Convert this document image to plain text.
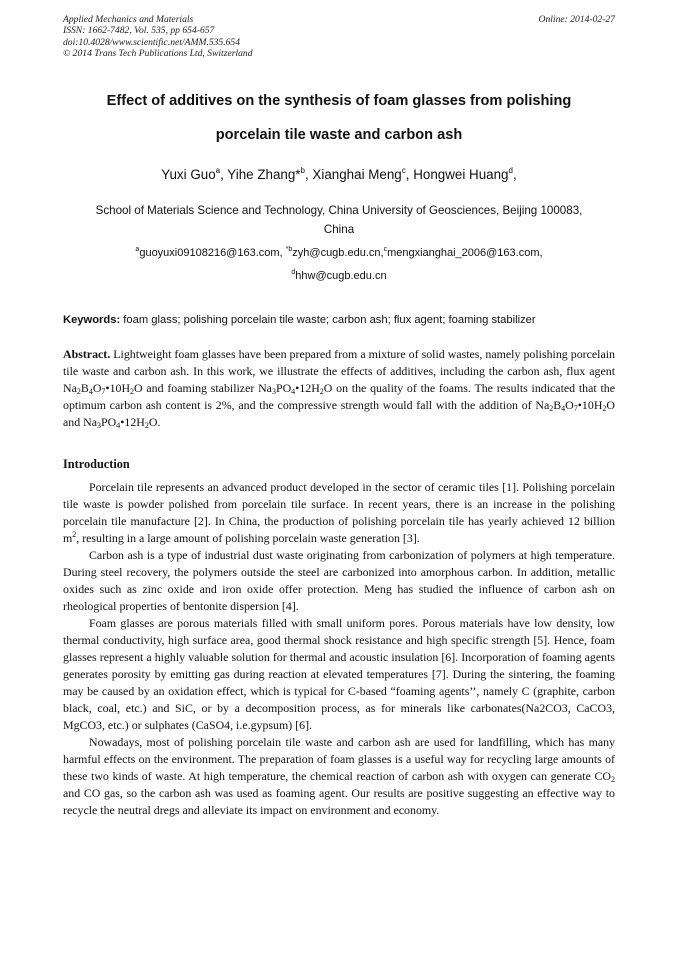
Applied Mechanics and Materials
ISSN: 1662-7482, Vol. 535, pp 654-657
doi:10.4028/www.scientific.net/AMM.535.654
© 2014 Trans Tech Publications Ltd, Switzerland
Online: 2014-02-27
Effect of additives on the synthesis of foam glasses from polishing
porcelain tile waste and carbon ash
Yuxi Guo$^a$, Yihe Zhang*$^b$, Xianghai Meng$^c$, Hongwei Huang$^d$,
School of Materials Science and Technology, China University of Geosciences, Beijing 100083,
China
$^a$guoyuxi09108216@163.com, $^{*b}$zyh@cugb.edu.cn,$^c$mengxianghai_2006@163.com,
$^d$hhw@cugb.edu.cn
Keywords: foam glass; polishing porcelain tile waste; carbon ash; flux agent; foaming stabilizer

Abstract. Lightweight foam glasses have been prepared from a mixture of solid wastes, namely polishing porcelain tile waste and carbon ash. In this work, we illustrate the effects of additives, including the carbon ash, flux agent $Na_2B_4O_7•10H_2O$ and foaming stabilizer $Na_3PO_4•12H_2O$ on the quality of the foams. The results indicated that the optimum carbon ash content is 2%, and the compressive strength would fall with the addition of $Na_2B_4O_7•10H_2O$ and $Na_3PO_4•12H_2O$.

Introduction

Porcelain tile represents an advanced product developed in the sector of ceramic tiles [1]. Polishing porcelain tile waste is powder polished from porcelain tile surface. In recent years, there is an increase in the polishing porcelain tile manufacture [2]. In China, the production of polishing porcelain tile has yearly achieved 12 billion $m^2$, resulting in a large amount of polishing porcelain waste generation [3].

Carbon ash is a type of industrial dust waste originating from carbonization of polymers at high temperature. During steel recovery, the polymers outside the steel are carbonized into amorphous carbon. In addition, metallic oxides such as zinc oxide and iron oxide offer protection. Meng has studied the influence of carbon ash on rheological properties of bentonite dispersion [4].

Foam glasses are porous materials filled with small uniform pores. Porous materials have low density, low thermal conductivity, high surface area, good thermal shock resistance and high specific strength [5]. Hence, foam glasses represent a highly valuable solution for thermal and acoustic insulation [6]. Incorporation of foaming agents generates porosity by emitting gas during reaction at elevated temperatures [7]. During the sintering, the foaming may be caused by an oxidation effect, which is typical for C-based “foaming agents’’, namely C (graphite, carbon black, coal, etc.) and SiC, or by a decomposition process, as for minerals like carbonates(Na2CO3, CaCO3, MgCO3, etc.) or sulphates (CaSO4, i.e.gypsum) [6].

Nowadays, most of polishing porcelain tile waste and carbon ash are used for landfilling, which has many harmful effects on the environment. The preparation of foam glasses is a useful way for recycling large amounts of these two kinds of waste. At high temperature, the chemical reaction of carbon ash with oxygen can generate $CO_2$ and CO gas, so the carbon ash was used as foaming agent. Our results are positive suggesting an effective way to recycle the neutral dregs and alleviate its impact on environment and economy.
